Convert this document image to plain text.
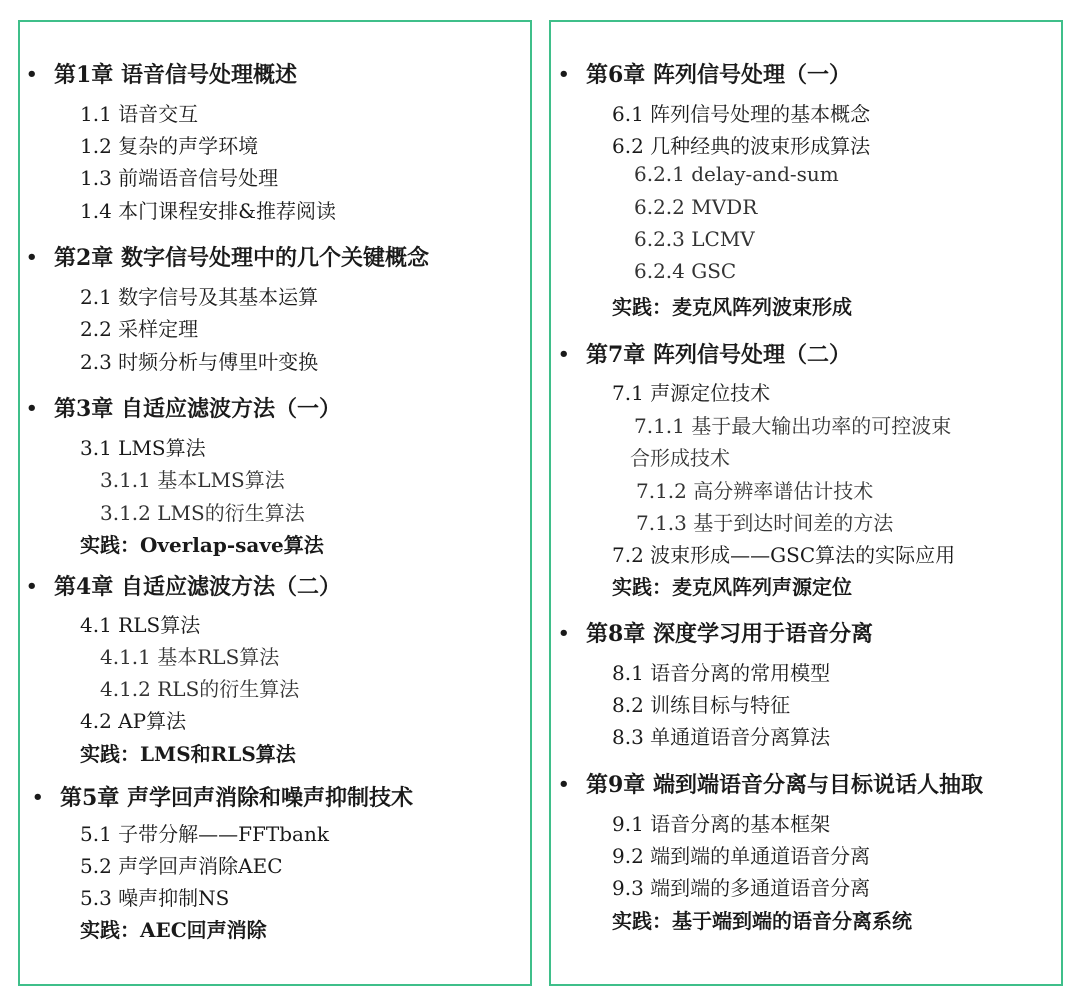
• 第1章 语音信号处理概述
1.1 语音交互
1.2 复杂的声学环境
1.3 前端语音信号处理
1.4 本门课程安排&推荐阅读
• 第2章 数字信号处理中的几个关键概念
2.1 数字信号及其基本运算
2.2 采样定理
2.3 时频分析与傅里叶变换
• 第3章 自适应滤波方法（一）
3.1 LMS算法
3.1.1 基本LMS算法
3.1.2 LMS的衍生算法
实践：Overlap-save算法
• 第4章 自适应滤波方法（二）
4.1 RLS算法
4.1.1 基本RLS算法
4.1.2 RLS的衍生算法
4.2 AP算法
实践：LMS和RLS算法
• 第5章 声学回声消除和噪声抑制技术
5.1 子带分解——FFTbank
5.2 声学回声消除AEC
5.3 噪声抑制NS
实践：AEC回声消除
• 第6章 阵列信号处理（一）
6.1 阵列信号处理的基本概念
6.2 几种经典的波束形成算法
6.2.1 delay-and-sum
6.2.2 MVDR
6.2.3 LCMV
6.2.4 GSC
实践：麦克风阵列波束形成
• 第7章 阵列信号处理（二）
7.1 声源定位技术
7.1.1 基于最大输出功率的可控波束
合形成技术
7.1.2 高分辨率谱估计技术
7.1.3 基于到达时间差的方法
7.2 波束形成——GSC算法的实际应用
实践：麦克风阵列声源定位
• 第8章 深度学习用于语音分离
8.1 语音分离的常用模型
8.2 训练目标与特征
8.3 单通道语音分离算法
• 第9章 端到端语音分离与目标说话人抽取
9.1 语音分离的基本框架
9.2 端到端的单通道语音分离
9.3 端到端的多通道语音分离
实践：基于端到端的语音分离系统
